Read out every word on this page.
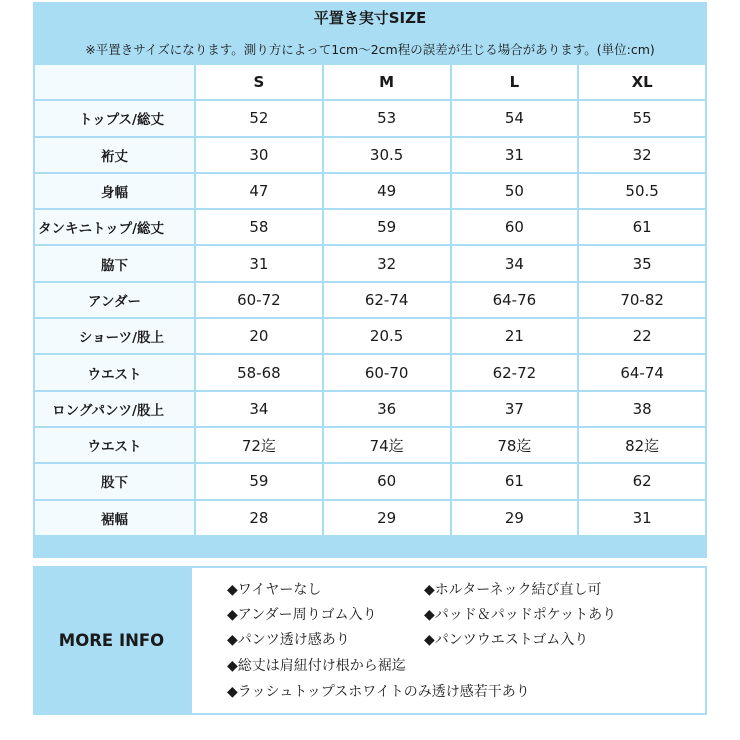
平置き実寸SIZE
※平置きサイズになります。測り方によって1cm～2cm程の誤差が生じる場合があります。(単位:cm)
	S	M	L	XL
トップス/総丈	52	53	54	55
裄丈	30	30.5	31	32
身幅	47	49	50	50.5
タンキニトップ/総丈	58	59	60	61
脇下	31	32	34	35
アンダー	60-72	62-74	64-76	70-82
ショーツ/股上	20	20.5	21	22
ウエスト	58-68	60-70	62-72	64-74
ロングパンツ/股上	34	36	37	38
ウエスト	72迄	74迄	78迄	82迄
股下	59	60	61	62
裾幅	28	29	29	31
MORE INFO
◆ワイヤーなし	◆ホルターネック結び直し可
◆アンダー周りゴム入り	◆パッド＆パッドポケットあり
◆パンツ透け感あり	◆パンツウエストゴム入り
◆総丈は肩紐付け根から裾迄
◆ラッシュトップスホワイトのみ透け感若干あり
